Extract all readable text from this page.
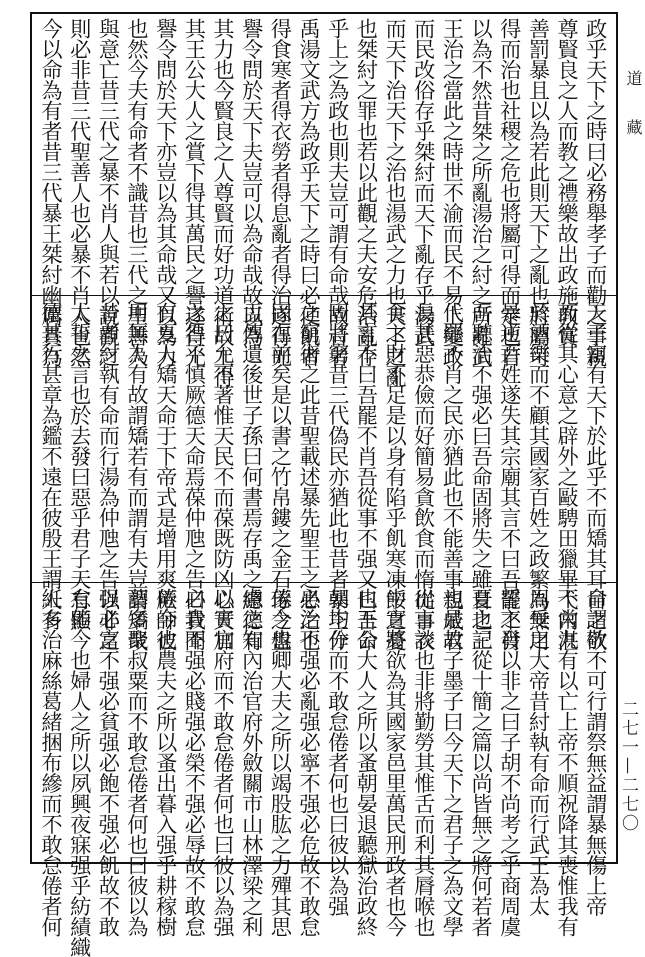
政乎天下之時曰必務舉孝子而勸之事親
尊賢良之人而教之禮樂故出政施教賞
善罰暴且以為若此則天下之亂也將屬可
得而治也社稷之危也將屬可得而定也若
以為不然昔桀之所亂湯治之紂之所亂武
王治之當此之時世不渝而民不易上變政
而民改俗存乎桀紂而天下亂存乎湯武
而天下治天下之治也湯武之力也天下之亂
也桀紂之罪也若以此觀之夫安危治亂存
乎上之為政也則夫豈可謂有命哉故昔者
禹湯文武方為政乎天下之時曰必使飢者
得食寒者得衣勞者得息亂者得治遂得光
譽令問於天下夫豈可以為命哉故以為
其力也今賢良之人尊賢而好功道術故上得
其王公大人之賞下得其萬民之譽遂得光
譽令問於天下亦豈以為其命哉又以為力
也然今夫有命者不識昔也三代之聖善人
與意亡昔三代之暴不肖人與若以說觀之
則必非昔三代聖善人也必暴不肖人也然
今以命為有者昔三代暴王桀紂幽厲貴為
天子富有天下於此乎不而矯其耳目之欲
而從其心意之辟外之敺騁田獵畢弋內湛
於酒樂而不顧其國家百姓之政繁為無用
暴逆百姓遂失其宗廟其言不曰吾罷不肖
吾聽治不强必曰吾命固將失之雖昔也三
代罷不肖之民亦猶此也不能善事親戚君
長甚惡恭儉而好簡易貪飲食而惰從事衣
食之財不足是以身有陷乎飢寒凍餒之憂
其言不曰吾罷不肖吾從事不强又曰吾命
固將窮昔三代偽民亦猶此也昔者暴王作
之窮術之此昔聖載述暴先聖王之患之也
固在前矣是以書之竹帛鏤之金石琢之盤
盂傳遺後世子孫曰何書焉存禹之總德有
之曰允不著惟天民不而葆既防凶心天加
之咎不慎厥德天命焉葆仲虺之告曰我聞
有夏人矯天命于下帝式是增用爽厥師彼
用無為有故謂矯若有而謂有夫豈謂矯哉
昔者紂執有命而行湯為仲虺之告以非之
太誓之言也於去發曰惡乎君子天有顯
德其行甚章為鑑不遠在彼殷王謂人有
命謂敬不可行謂祭無益謂暴無傷上帝
不常九有以亡上帝不順祝降其喪惟我有
周受之大帝昔紂執有命而行武王為太
誓之發以非之曰子胡不尚考之乎商周虞
夏之記從十簡之篇以尚皆無之將何若者
也是故子墨子曰今天下之君子之為文學
出言談也非將勤勞其惟舌而利其脣喉也
中實將欲為其國家邑里萬民刑政者也今
也王公大人之所以蚤朝晏退聽獄治政終
朝均分而不敢怠倦者何也曰彼以為强
必治不强必亂强必寧不强必危故不敢怠
倦今也卿大夫之所以竭股肱之力殫其思
慮之知內治官府外斂關市山林澤梁之利
以實官府而不敢怠倦者何也曰彼以為强
必貴不强必賤强必榮不强必辱故不敢怠
倦今也農夫之所以蚤出暮入强乎耕稼樹
藝多聚叔粟而不敢怠倦者何也曰彼以為
强必富不强必貧强必飽不强必飢故不敢
怠倦今也婦人之所以夙興夜寐强乎紡績織
絍多治麻絲葛緒捆布縿而不敢怠倦者何
道 藏
二七一—二七〇
